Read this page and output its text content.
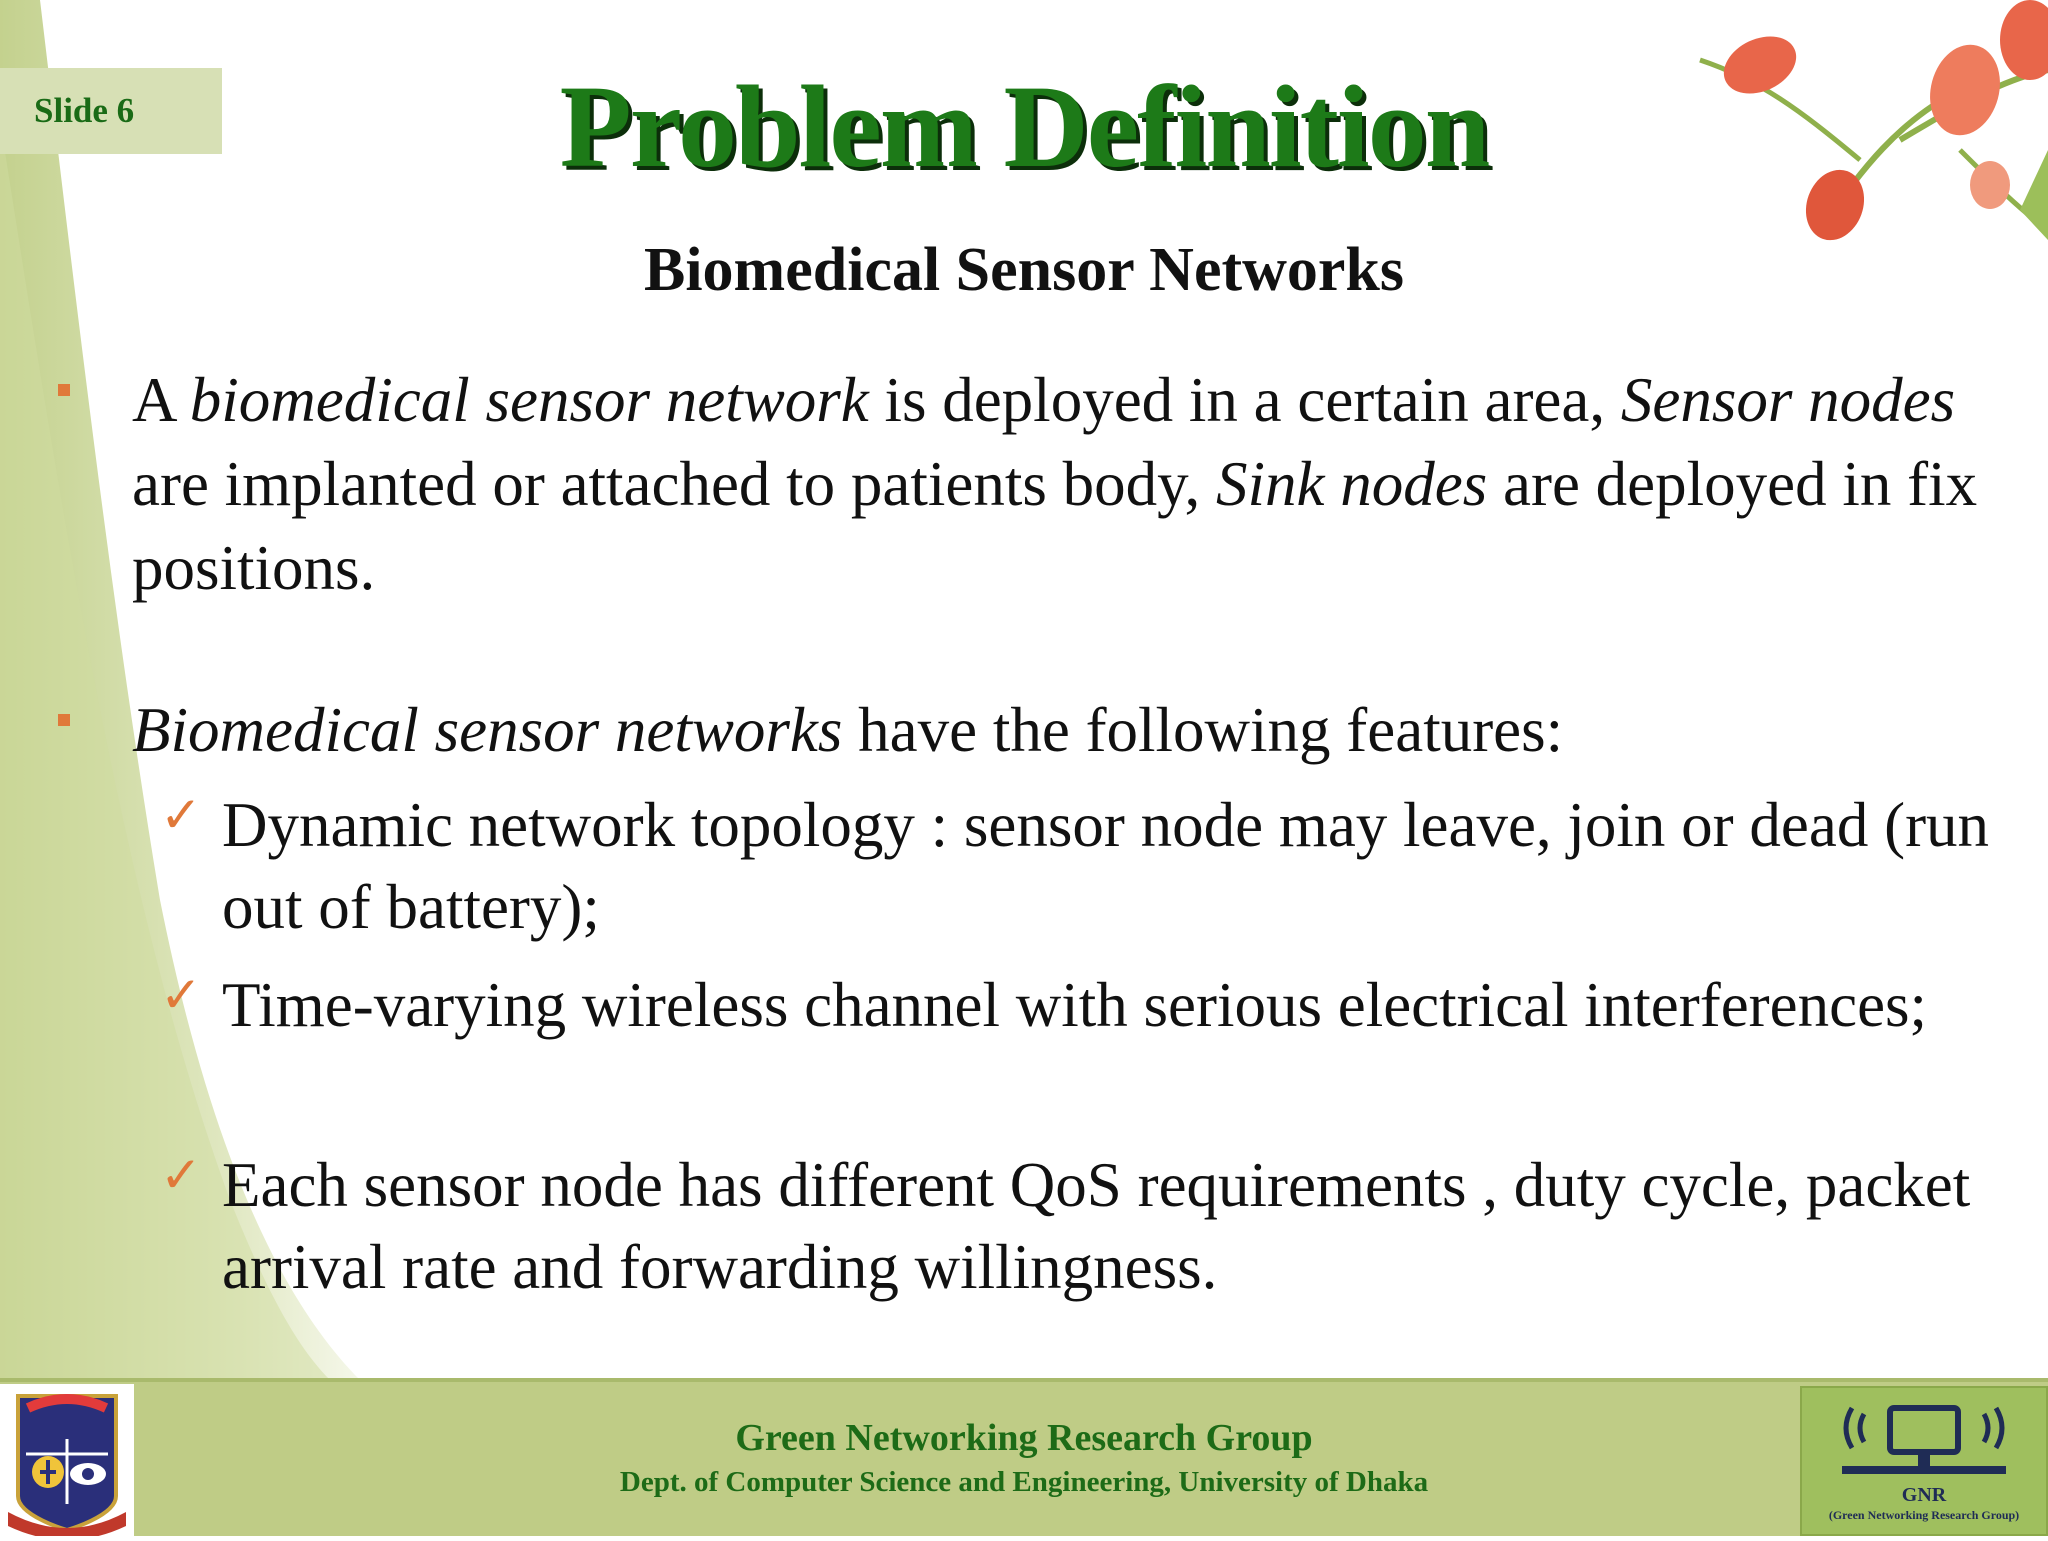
Slide 6	Problem Definition
Biomedical Sensor Networks
A biomedical sensor network is deployed in a certain area, Sensor nodes are implanted or attached to patients body, Sink nodes are deployed in fix positions.
Biomedical sensor networks have the following features:
✓ Dynamic network topology : sensor node may leave, join or dead (run out of battery);
✓ Time-varying wireless channel with serious electrical interferences;
✓ Each sensor node has different QoS requirements , duty cycle, packet arrival rate and forwarding willingness.
Green Networking Research Group
Dept. of Computer Science and Engineering, University of Dhaka	GNR
(Green Networking Research Group)
